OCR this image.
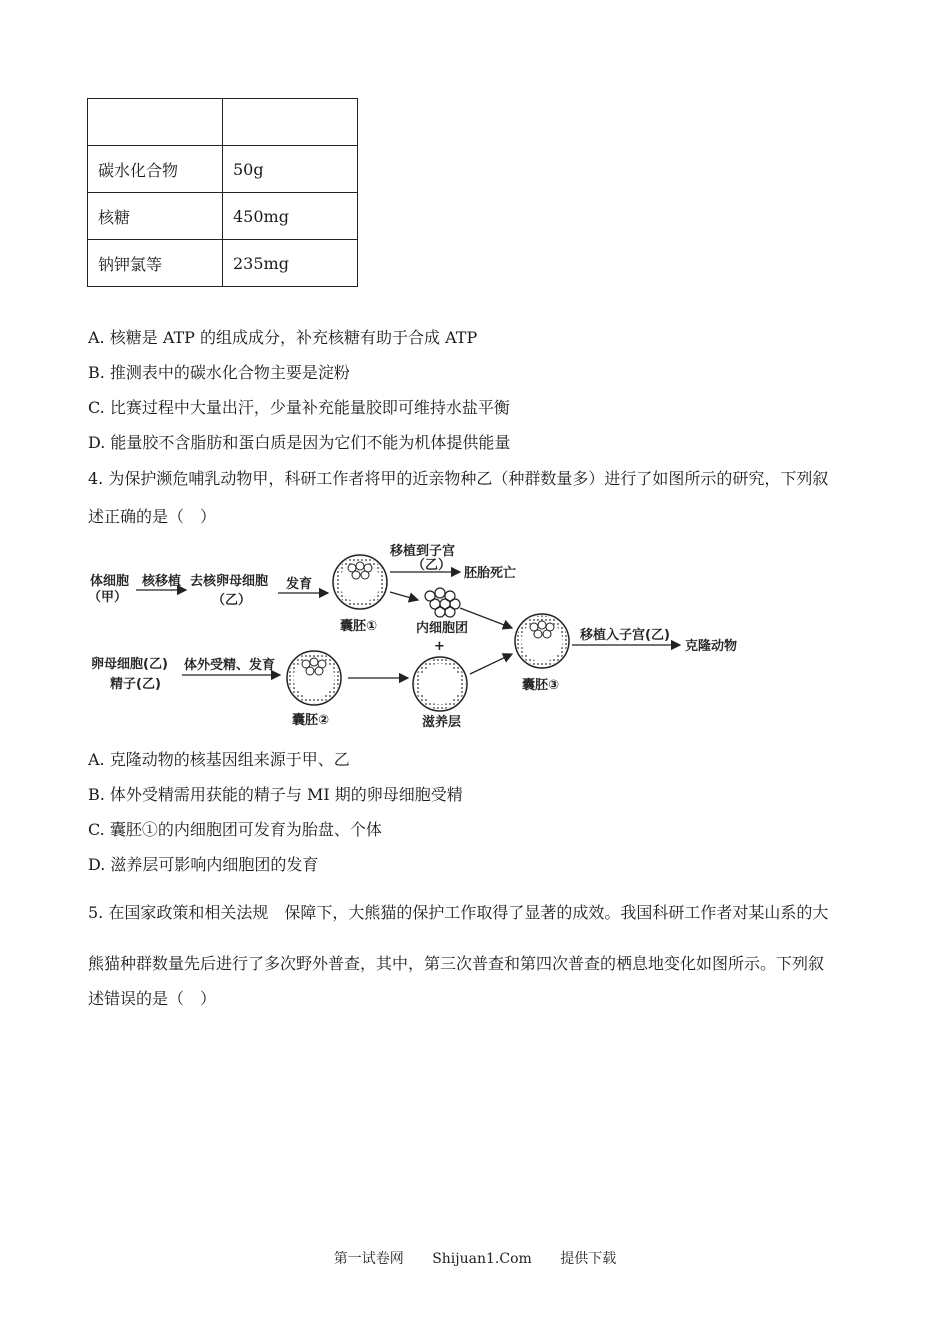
碳水化合物	50g
核糖	450mg
钠钾氯等	235mg
A. 核糖是 ATP 的组成成分，补充核糖有助于合成 ATP
B. 推测表中的碳水化合物主要是淀粉
C. 比赛过程中大量出汗，少量补充能量胶即可维持水盐平衡
D. 能量胶不含脂肪和蛋白质是因为它们不能为机体提供能量
4. 为保护濒危哺乳动物甲，科研工作者将甲的近亲物种乙（种群数量多）进行了如图所示的研究，下列叙
述正确的是（　）
体细胞
（甲）
核移植 去核卵母细胞
（乙）
发育
囊胚①
移植到子宫
（乙）
胚胎死亡
内细胞团
+
囊胚③
移植入子宫(乙)
克隆动物
卵母细胞(乙)
精子(乙)
体外受精、发育
囊胚②	滋养层
A. 克隆动物的核基因组来源于甲、乙
B. 体外受精需用获能的精子与 MI 期的卵母细胞受精
C. 囊胚①的内细胞团可发育为胎盘、个体
D. 滋养层可影响内细胞团的发育
5. 在国家政策和相关法规　保障下，大熊猫的保护工作取得了显著的成效。我国科研工作者对某山系的大
熊猫种群数量先后进行了多次野外普查，其中，第三次普查和第四次普查的栖息地变化如图所示。下列叙
述错误的是（　）
第一试卷网 Shijuan1.Com 提供下载
